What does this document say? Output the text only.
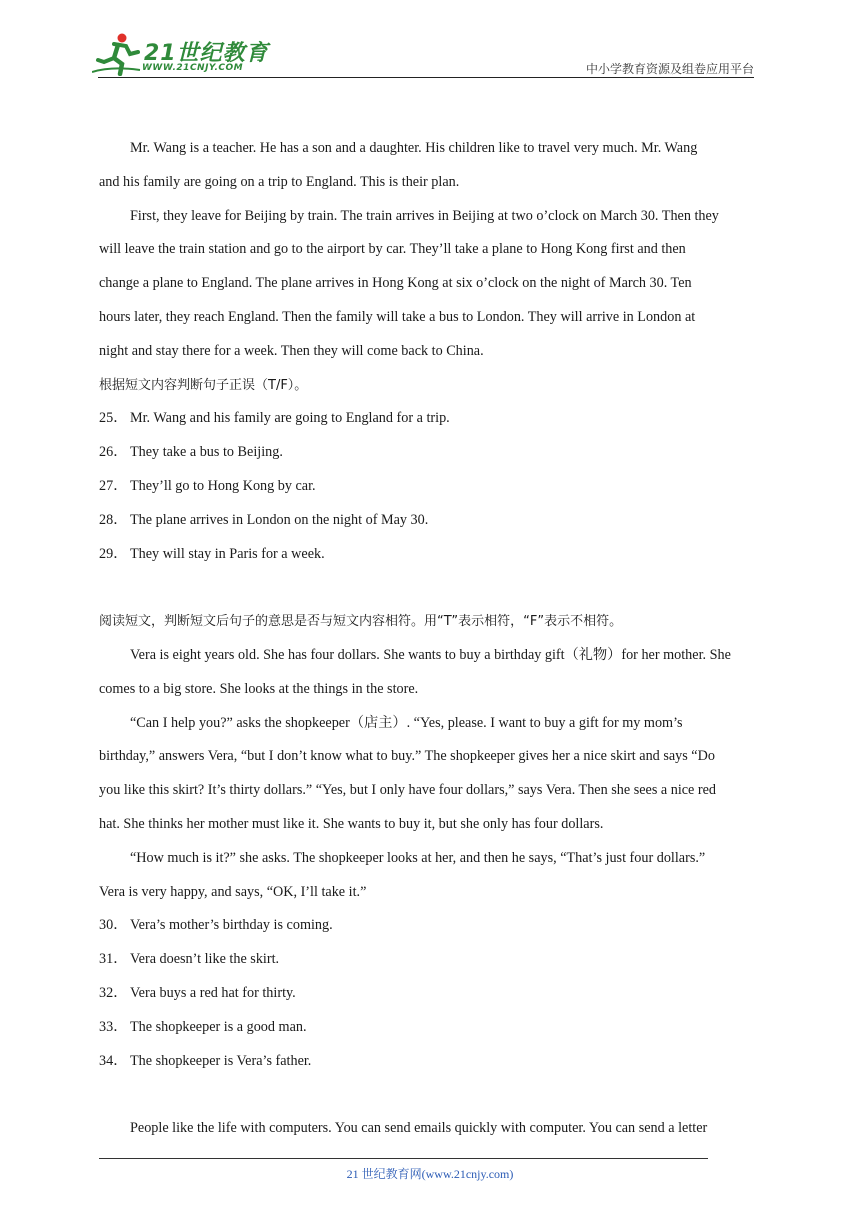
21世纪教育
WWW.21CNJY.COM	中小学教育资源及组卷应用平台
Mr. Wang is a teacher. He has a son and a daughter. His children like to travel very much. Mr. Wang
and his family are going on a trip to England. This is their plan.
First, they leave for Beijing by train. The train arrives in Beijing at two o’clock on March 30. Then they
will leave the train station and go to the airport by car. They’ll take a plane to Hong Kong first and then
change a plane to England. The plane arrives in Hong Kong at six o’clock on the night of March 30. Ten
hours later, they reach England. Then the family will take a bus to London. They will arrive in London at
night and stay there for a week. Then they will come back to China.
根据短文内容判断句子正误（T/F）。
25． Mr. Wang and his family are going to England for a trip.
26． They take a bus to Beijing.
27． They’ll go to Hong Kong by car.
28． The plane arrives in London on the night of May 30.
29． They will stay in Paris for a week.
阅读短文，判断短文后句子的意思是否与短文内容相符。用“T”表示相符，“F”表示不相符。
Vera is eight years old. She has four dollars. She wants to buy a birthday gift（礼物）for her mother. She
comes to a big store. She looks at the things in the store.
“Can I help you?” asks the shopkeeper（店主）. “Yes, please. I want to buy a gift for my mom’s
birthday,” answers Vera, “but I don’t know what to buy.” The shopkeeper gives her a nice skirt and says “Do
you like this skirt? It’s thirty dollars.” “Yes, but I only have four dollars,” says Vera. Then she sees a nice red
hat. She thinks her mother must like it. She wants to buy it, but she only has four dollars.
“How much is it?” she asks. The shopkeeper looks at her, and then he says, “That’s just four dollars.”
Vera is very happy, and says, “OK, I’ll take it.”
30． Vera’s mother’s birthday is coming.
31． Vera doesn’t like the skirt.
32． Vera buys a red hat for thirty.
33． The shopkeeper is a good man.
34． The shopkeeper is Vera’s father.
People like the life with computers. You can send emails quickly with computer. You can send a letter
21 世纪教育网(www.21cnjy.com)
